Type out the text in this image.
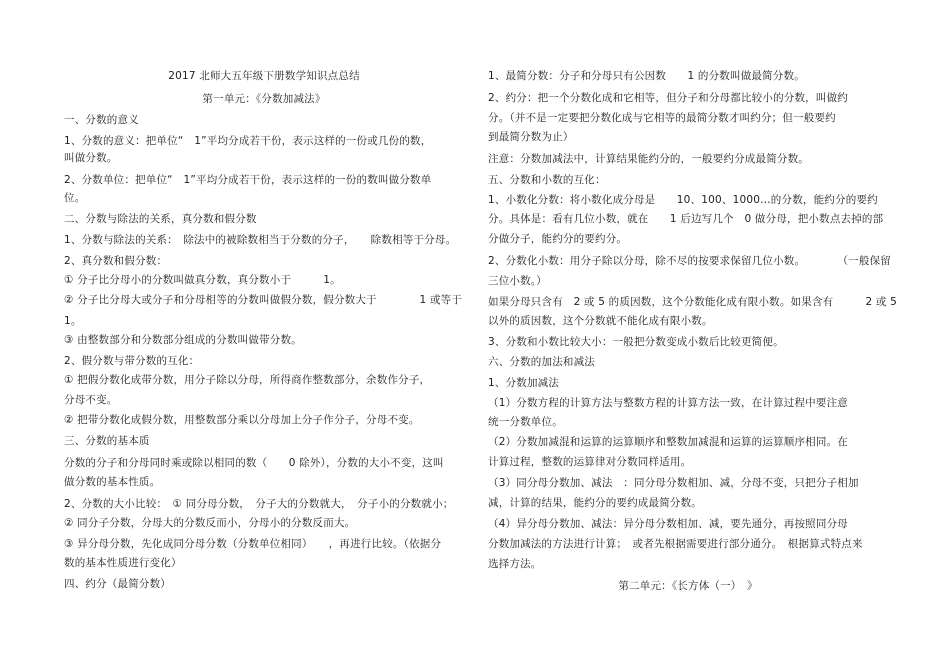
2017 北师大五年级下册数学知识点总结
第一单元：《分数加减法》
一、分数的意义
1、分数的意义：把单位“　1”平均分成若干份，表示这样的一份或几份的数，
叫做分数。
2、分数单位：把单位“　1”平均分成若干份，表示这样的一份的数叫做分数单
位。
二、分数与除法的关系，真分数和假分数
1、分数与除法的关系：　除法中的被除数相当于分数的分子，　　除数相等于分母。
2、真分数和假分数：
① 分子比分母小的分数叫做真分数，真分数小于　　　1。
② 分子比分母大或分子和分母相等的分数叫做假分数，假分数大于　　　　1 或等于
1。
③ 由整数部分和分数部分组成的分数叫做带分数。
2、假分数与带分数的互化：
① 把假分数化成带分数，用分子除以分母，所得商作整数部分，余数作分子，
分母不变。
② 把带分数化成假分数，用整数部分乘以分母加上分子作分子，分母不变。
三、分数的基本质
分数的分子和分母同时乘或除以相同的数（　　0 除外），分数的大小不变，这叫
做分数的基本性质。
2、分数的大小比较：　① 同分母分数，　分子大的分数就大，　分子小的分数就小；
② 同分子分数，分母大的分数反而小，分母小的分数反而大。
③ 异分母分数，先化成同分母分数（分数单位相同）　　，再进行比较。（依据分
数的基本性质进行变化）
四、约分（最简分数）
1、最简分数：分子和分母只有公因数　　1 的分数叫做最简分数。
2、约分：把一个分数化成和它相等，但分子和分母都比较小的分数，叫做约
分。（并不是一定要把分数化成与它相等的最简分数才叫约分；但一般要约
到最简分数为止）
注意：分数加减法中，计算结果能约分的，一般要约分成最简分数。
五、分数和小数的互化：
1、小数化分数：将小数化成分母是　　10、100、1000…的分数，能约分的要约
分。具体是：看有几位小数，就在　　1 后边写几个　0 做分母，把小数点去掉的部
分做分子，能约分的要约分。
2、分数化小数：用分子除以分母，除不尽的按要求保留几位小数。　　　　（一般保留
三位小数。）
如果分母只含有　2 或 5 的质因数，这个分数能化成有限小数。如果含有　　　2 或 5
以外的质因数，这个分数就不能化成有限小数。
3、分数和小数比较大小：一般把分数变成小数后比较更简便。
六、分数的加法和减法
1、分数加减法
（1）分数方程的计算方法与整数方程的计算方法一致，在计算过程中要注意
统一分数单位。
（2）分数加减混和运算的运算顺序和整数加减混和运算的运算顺序相同。在
计算过程，整数的运算律对分数同样适用。
（3）同分母分数加、减法　：同分母分数相加、减，分母不变，只把分子相加
减，计算的结果，能约分的要约成最简分数。
（4）异分母分数加、减法：异分母分数相加、减，要先通分，再按照同分母
分数加减法的方法进行计算；　或者先根据需要进行部分通分。　根据算式特点来
选择方法。
第二单元：《长方体（一）　》
